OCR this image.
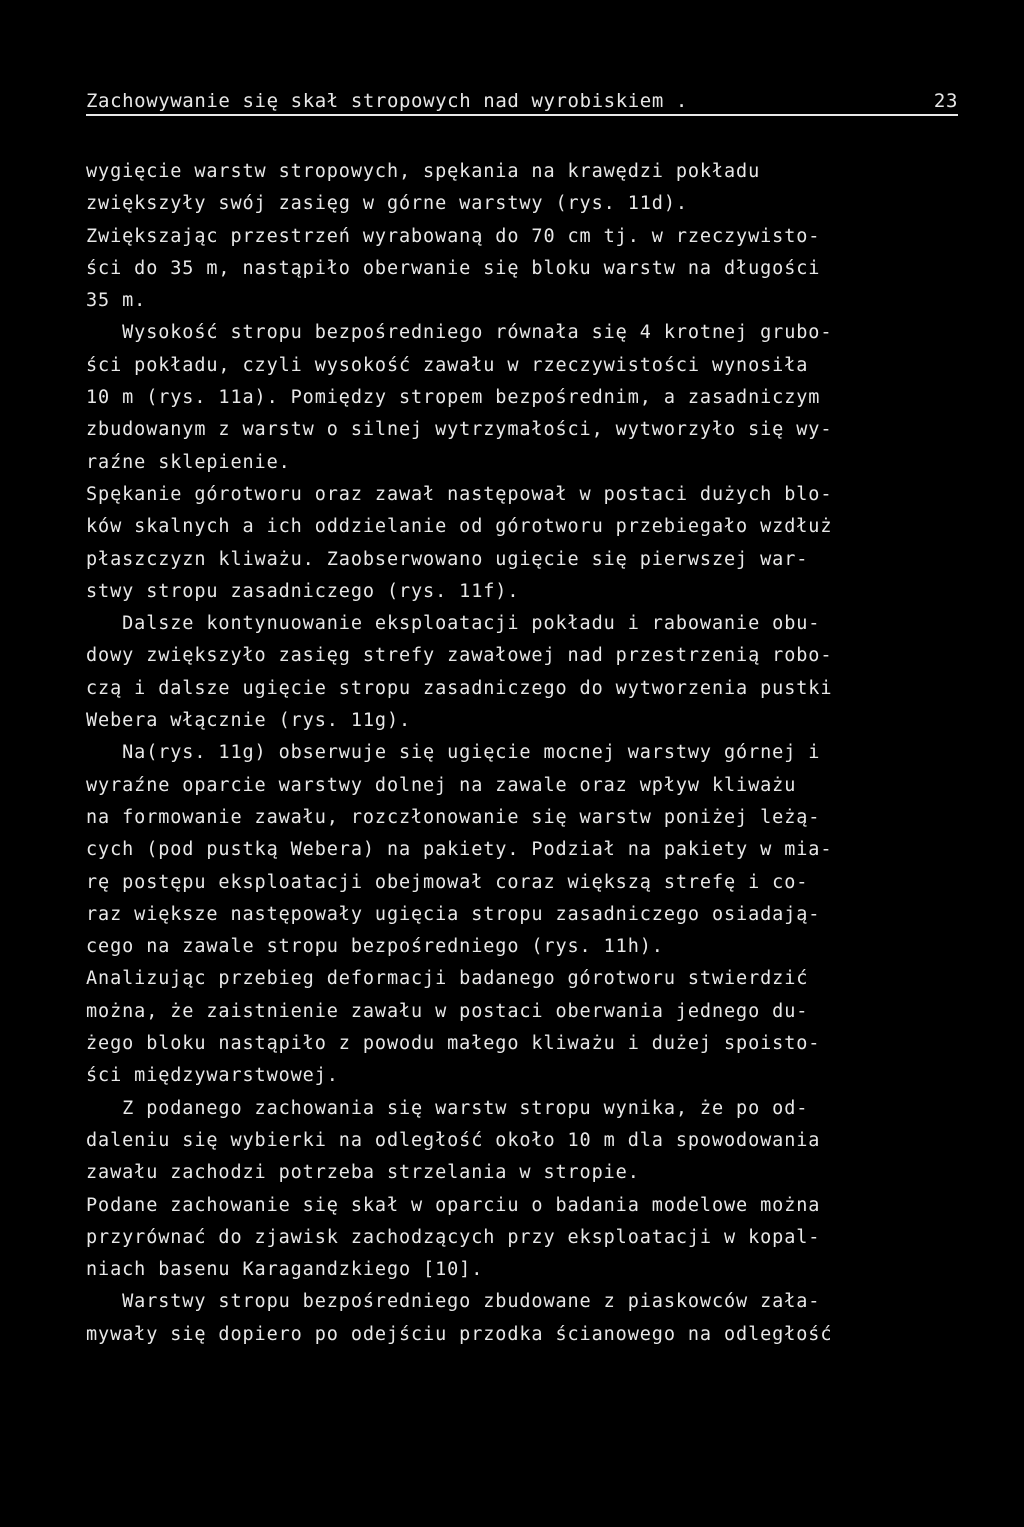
Zachowywanie się skał stropowych nad wyrobiskiem .	23
wygięcie warstw stropowych, spękania na krawędzi pokładu
zwiększyły swój zasięg w górne warstwy (rys. 11d).
Zwiększając przestrzeń wyrabowaną do 70 cm tj. w rzeczywisto-
ści do 35 m, nastąpiło oberwanie się bloku warstw na długości
35 m.
Wysokość stropu bezpośredniego równała się 4 krotnej grubo-
ści pokładu, czyli wysokość zawału w rzeczywistości wynosiła
10 m (rys. 11a). Pomiędzy stropem bezpośrednim, a zasadniczym
zbudowanym z warstw o silnej wytrzymałości, wytworzyło się wy-
raźne sklepienie.
Spękanie górotworu oraz zawał następował w postaci dużych blo-
ków skalnych a ich oddzielanie od górotworu przebiegało wzdłuż
płaszczyzn kliważu. Zaobserwowano ugięcie się pierwszej war-
stwy stropu zasadniczego (rys. 11f).
Dalsze kontynuowanie eksploatacji pokładu i rabowanie obu-
dowy zwiększyło zasięg strefy zawałowej nad przestrzenią robo-
czą i dalsze ugięcie stropu zasadniczego do wytworzenia pustki
Webera włącznie (rys. 11g).
Na(rys. 11g) obserwuje się ugięcie mocnej warstwy górnej i
wyraźne oparcie warstwy dolnej na zawale oraz wpływ kliważu
na formowanie zawału, rozczłonowanie się warstw poniżej leżą-
cych (pod pustką Webera) na pakiety. Podział na pakiety w mia-
rę postępu eksploatacji obejmował coraz większą strefę i co-
raz większe następowały ugięcia stropu zasadniczego osiadają-
cego na zawale stropu bezpośredniego (rys. 11h).
Analizując przebieg deformacji badanego górotworu stwierdzić
można, że zaistnienie zawału w postaci oberwania jednego du-
żego bloku nastąpiło z powodu małego kliważu i dużej spoisto-
ści międzywarstwowej.
Z podanego zachowania się warstw stropu wynika, że po od-
daleniu się wybierki na odległość około 10 m dla spowodowania
zawału zachodzi potrzeba strzelania w stropie.
Podane zachowanie się skał w oparciu o badania modelowe można
przyrównać do zjawisk zachodzących przy eksploatacji w kopal-
niach basenu Karagandzkiego [10].
Warstwy stropu bezpośredniego zbudowane z piaskowców zała-
mywały się dopiero po odejściu przodka ścianowego na odległość
